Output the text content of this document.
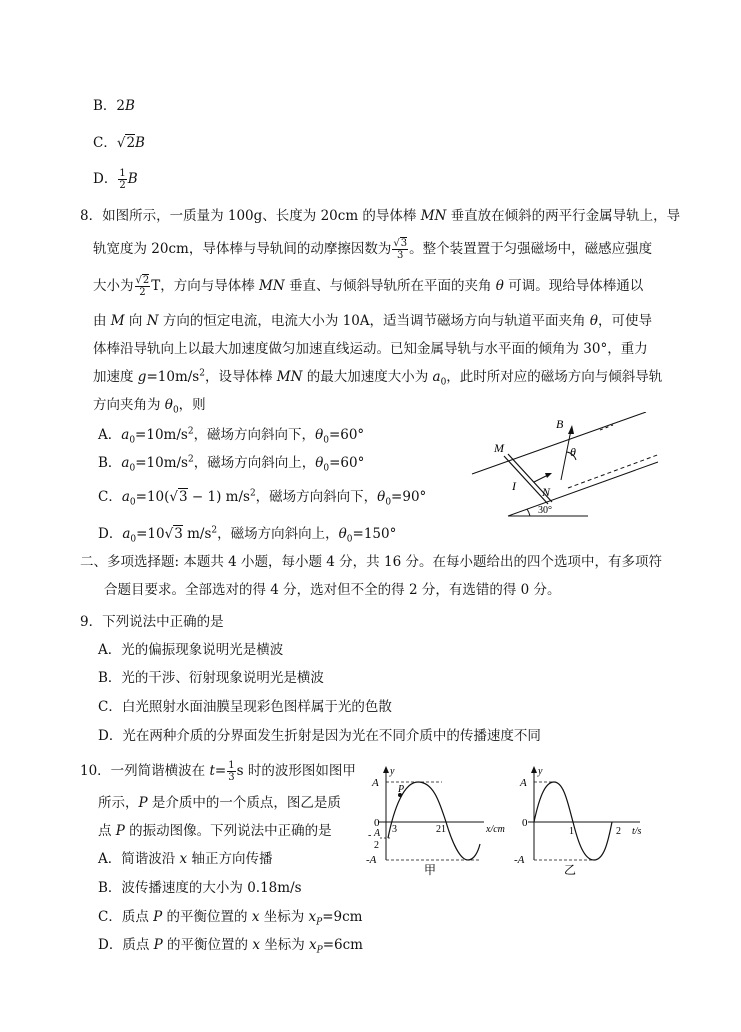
B．2B
C．√2B
D． $\frac{1}{2}$ B
8．如图所示，一质量为 100g、长度为 20cm 的导体棒 MN 垂直放在倾斜的两平行金属导轨上，导
轨宽度为 20cm，导体棒与导轨间的动摩擦因数为 $\frac{√3}{3}$ 。整个装置置于匀强磁场中，磁感应强度
大小为 $\frac{√2}{2}$ T，方向与导体棒 MN 垂直、与倾斜导轨所在平面的夹角 θ 可调。现给导体棒通以
由 M 向 N 方向的恒定电流，电流大小为 10A，适当调节磁场方向与轨道平面夹角 θ，可使导
体棒沿导轨向上以最大加速度做匀加速直线运动。已知金属导轨与水平面的倾角为 30°，重力
加速度 $g=10m/s^2$，设导体棒 MN 的最大加速度大小为 $a_0$，此时所对应的磁场方向与倾斜导轨
方向夹角为 $\theta_0$，则
A．$a_0=10m/s^2$，磁场方向斜向下，$\theta_0=60^\circ$
B．$a_0=10m/s^2$，磁场方向斜向上，$\theta_0=60^\circ$
C．$a_0=10(√3 - 1)$ $m/s^2$，磁场方向斜向下，$\theta_0=90^\circ$
D．$a_0=10√3$ $m/s^2$，磁场方向斜向上，$\theta_0=150^\circ$
B
θ
M
N
I
30°
二、多项选择题: 本题共 4 小题，每小题 4 分，共 16 分。在每小题给出的四个选项中，有多项符
合题目要求。全部选对的得 4 分，选对但不全的得 2 分，有选错的得 0 分。
9．下列说法中正确的是
A．光的偏振现象说明光是横波
B．光的干涉、衍射现象说明光是横波
C．白光照射水面油膜呈现彩色图样属于光的色散
D．光在两种介质的分界面发生折射是因为光在不同介质中的传播速度不同
10．一列简谐横波在 $t= \frac{1}{3}$ s 时的波形图如图甲
所示，P 是介质中的一个质点，图乙是质
点 P 的振动图像。下列说法中正确的是
A．简谐波沿 x 轴正方向传播
B．波传播速度的大小为 0.18m/s
C．质点 P 的平衡位置的 x 坐标为 $x_P=9cm$
D．质点 P 的平衡位置的 x 坐标为 $x_P=6cm$
y
A
P
0
- A
2
-A
3	21	x/cm
甲
y
A
0
1	2
-A
t/s
乙
